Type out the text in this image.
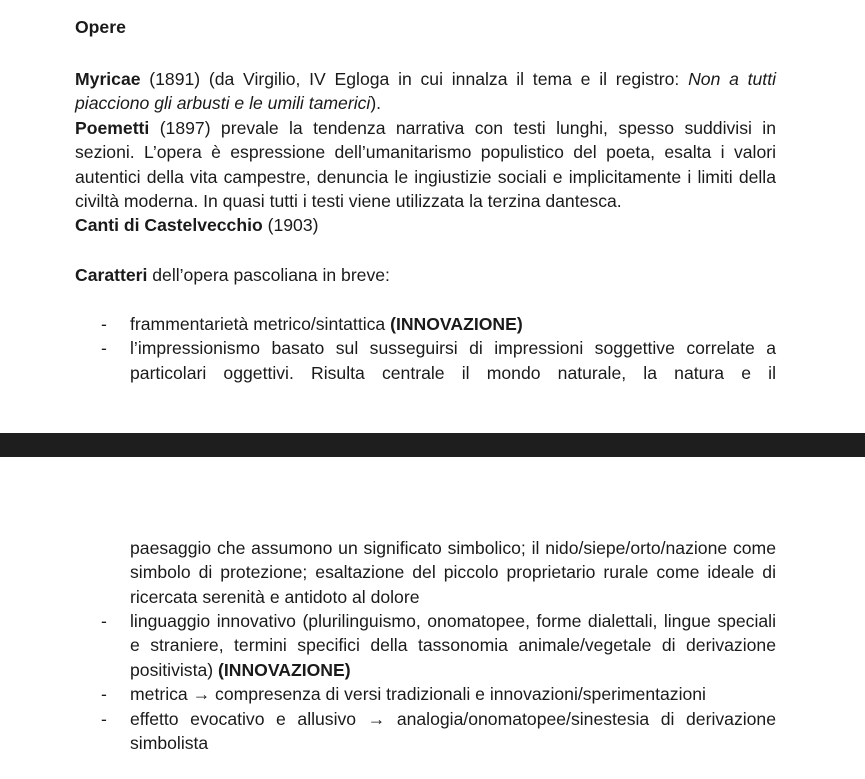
Opere

Myricae (1891) (da Virgilio, IV Egloga in cui innalza il tema e il registro: Non a tutti piacciono gli arbusti e le umili tamerici).
Poemetti (1897) prevale la tendenza narrativa con testi lunghi, spesso suddivisi in sezioni. L’opera è espressione dell’umanitarismo populistico del poeta, esalta i valori autentici della vita campestre, denuncia le ingiustizie sociali e implicitamente i limiti della civiltà moderna. In quasi tutti i testi viene utilizzata la terzina dantesca.
Canti di Castelvecchio (1903)

Caratteri dell’opera pascoliana in breve:

- frammentarietà metrico/sintattica (INNOVAZIONE)
- l’impressionismo basato sul susseguirsi di impressioni soggettive correlate a particolari oggettivi. Risulta centrale il mondo naturale, la natura e il

paesaggio che assumono un significato simbolico; il nido/siepe/orto/nazione come simbolo di protezione; esaltazione del piccolo proprietario rurale come ideale di ricercata serenità e antidoto al dolore

- linguaggio innovativo (plurilinguismo, onomatopee, forme dialettali, lingue speciali e straniere, termini specifici della tassonomia animale/vegetale di derivazione positivista) (INNOVAZIONE)
- metrica → compresenza di versi tradizionali e innovazioni/sperimentazioni
- effetto evocativo e allusivo → analogia/onomatopee/sinestesia di derivazione simbolista
